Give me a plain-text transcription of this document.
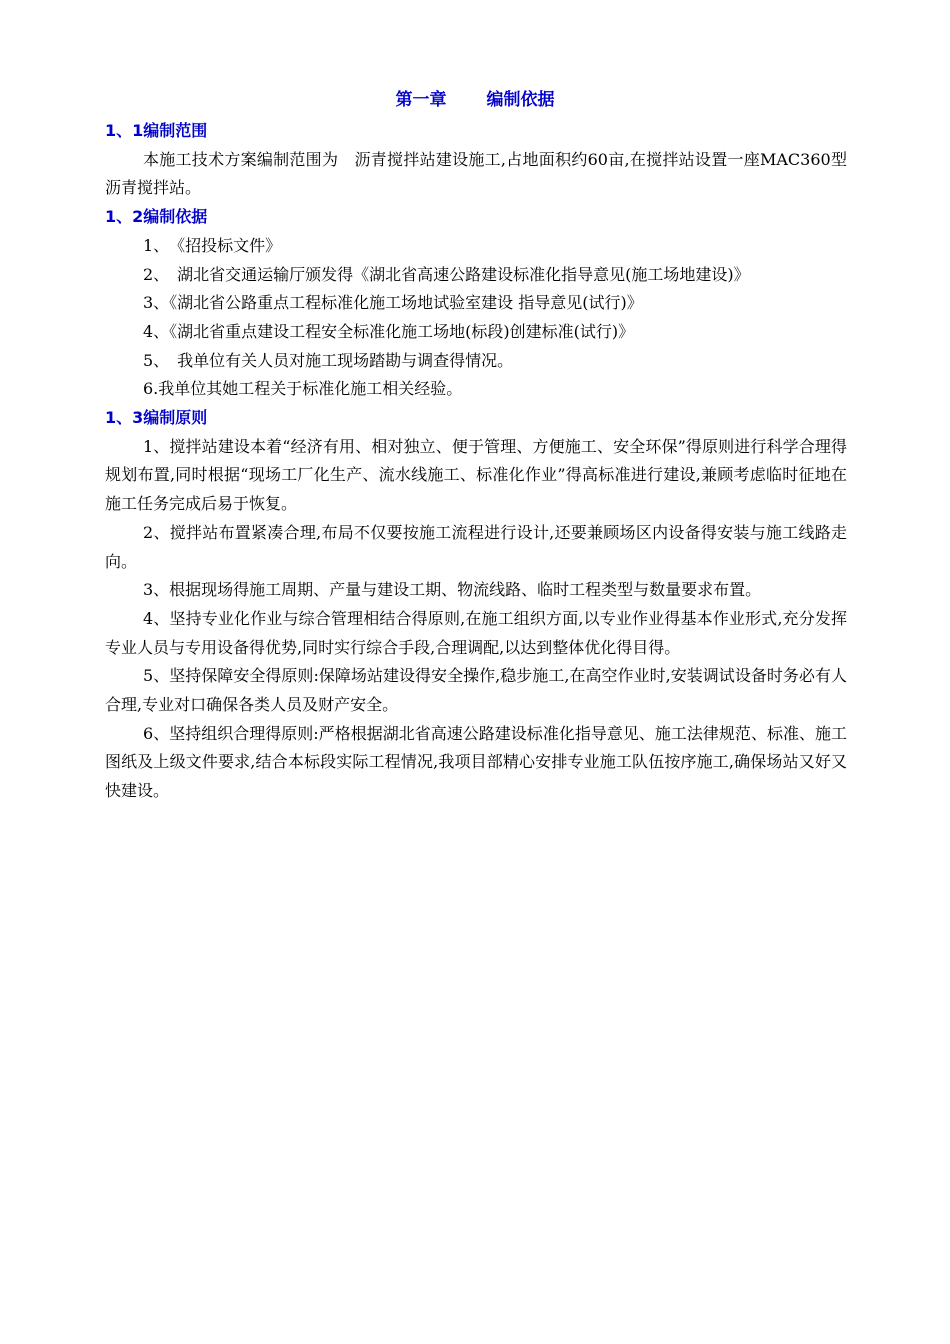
第一章 编制依据

1、1编制范围

本施工技术方案编制范围为　沥青搅拌站建设施工,占地面积约60亩,在搅拌站设置一座MAC360型沥青搅拌站。

1、2编制依据

1、　《招投标文件》

2、　湖北省交通运输厅颁发得《湖北省高速公路建设标准化指导意见(施工场地建设)》

3、《湖北省公路重点工程标准化施工场地试验室建设 指导意见(试行)》

4、《湖北省重点建设工程安全标准化施工场地(标段)创建标准(试行)》

5、　我单位有关人员对施工现场踏勘与调查得情况。

6.我单位其她工程关于标准化施工相关经验。

1、3编制原则

1、搅拌站建设本着“经济有用、相对独立、便于管理、方便施工、安全环保”得原则进行科学合理得规划布置,同时根据“现场工厂化生产、流水线施工、标准化作业”得高标准进行建设,兼顾考虑临时征地在施工任务完成后易于恢复。

2、搅拌站布置紧凑合理,布局不仅要按施工流程进行设计,还要兼顾场区内设备得安装与施工线路走向。

3、根据现场得施工周期、产量与建设工期、物流线路、临时工程类型与数量要求布置。

4、坚持专业化作业与综合管理相结合得原则,在施工组织方面,以专业作业得基本作业形式,充分发挥专业人员与专用设备得优势,同时实行综合手段,合理调配,以达到整体优化得目得。

5、坚持保障安全得原则:保障场站建设得安全操作,稳步施工,在高空作业时,安装调试设备时务必有人合理,专业对口确保各类人员及财产安全。

6、坚持组织合理得原则:严格根据湖北省高速公路建设标准化指导意见、施工法律规范、标准、施工图纸及上级文件要求,结合本标段实际工程情况,我项目部精心安排专业施工队伍按序施工,确保场站又好又快建设。
